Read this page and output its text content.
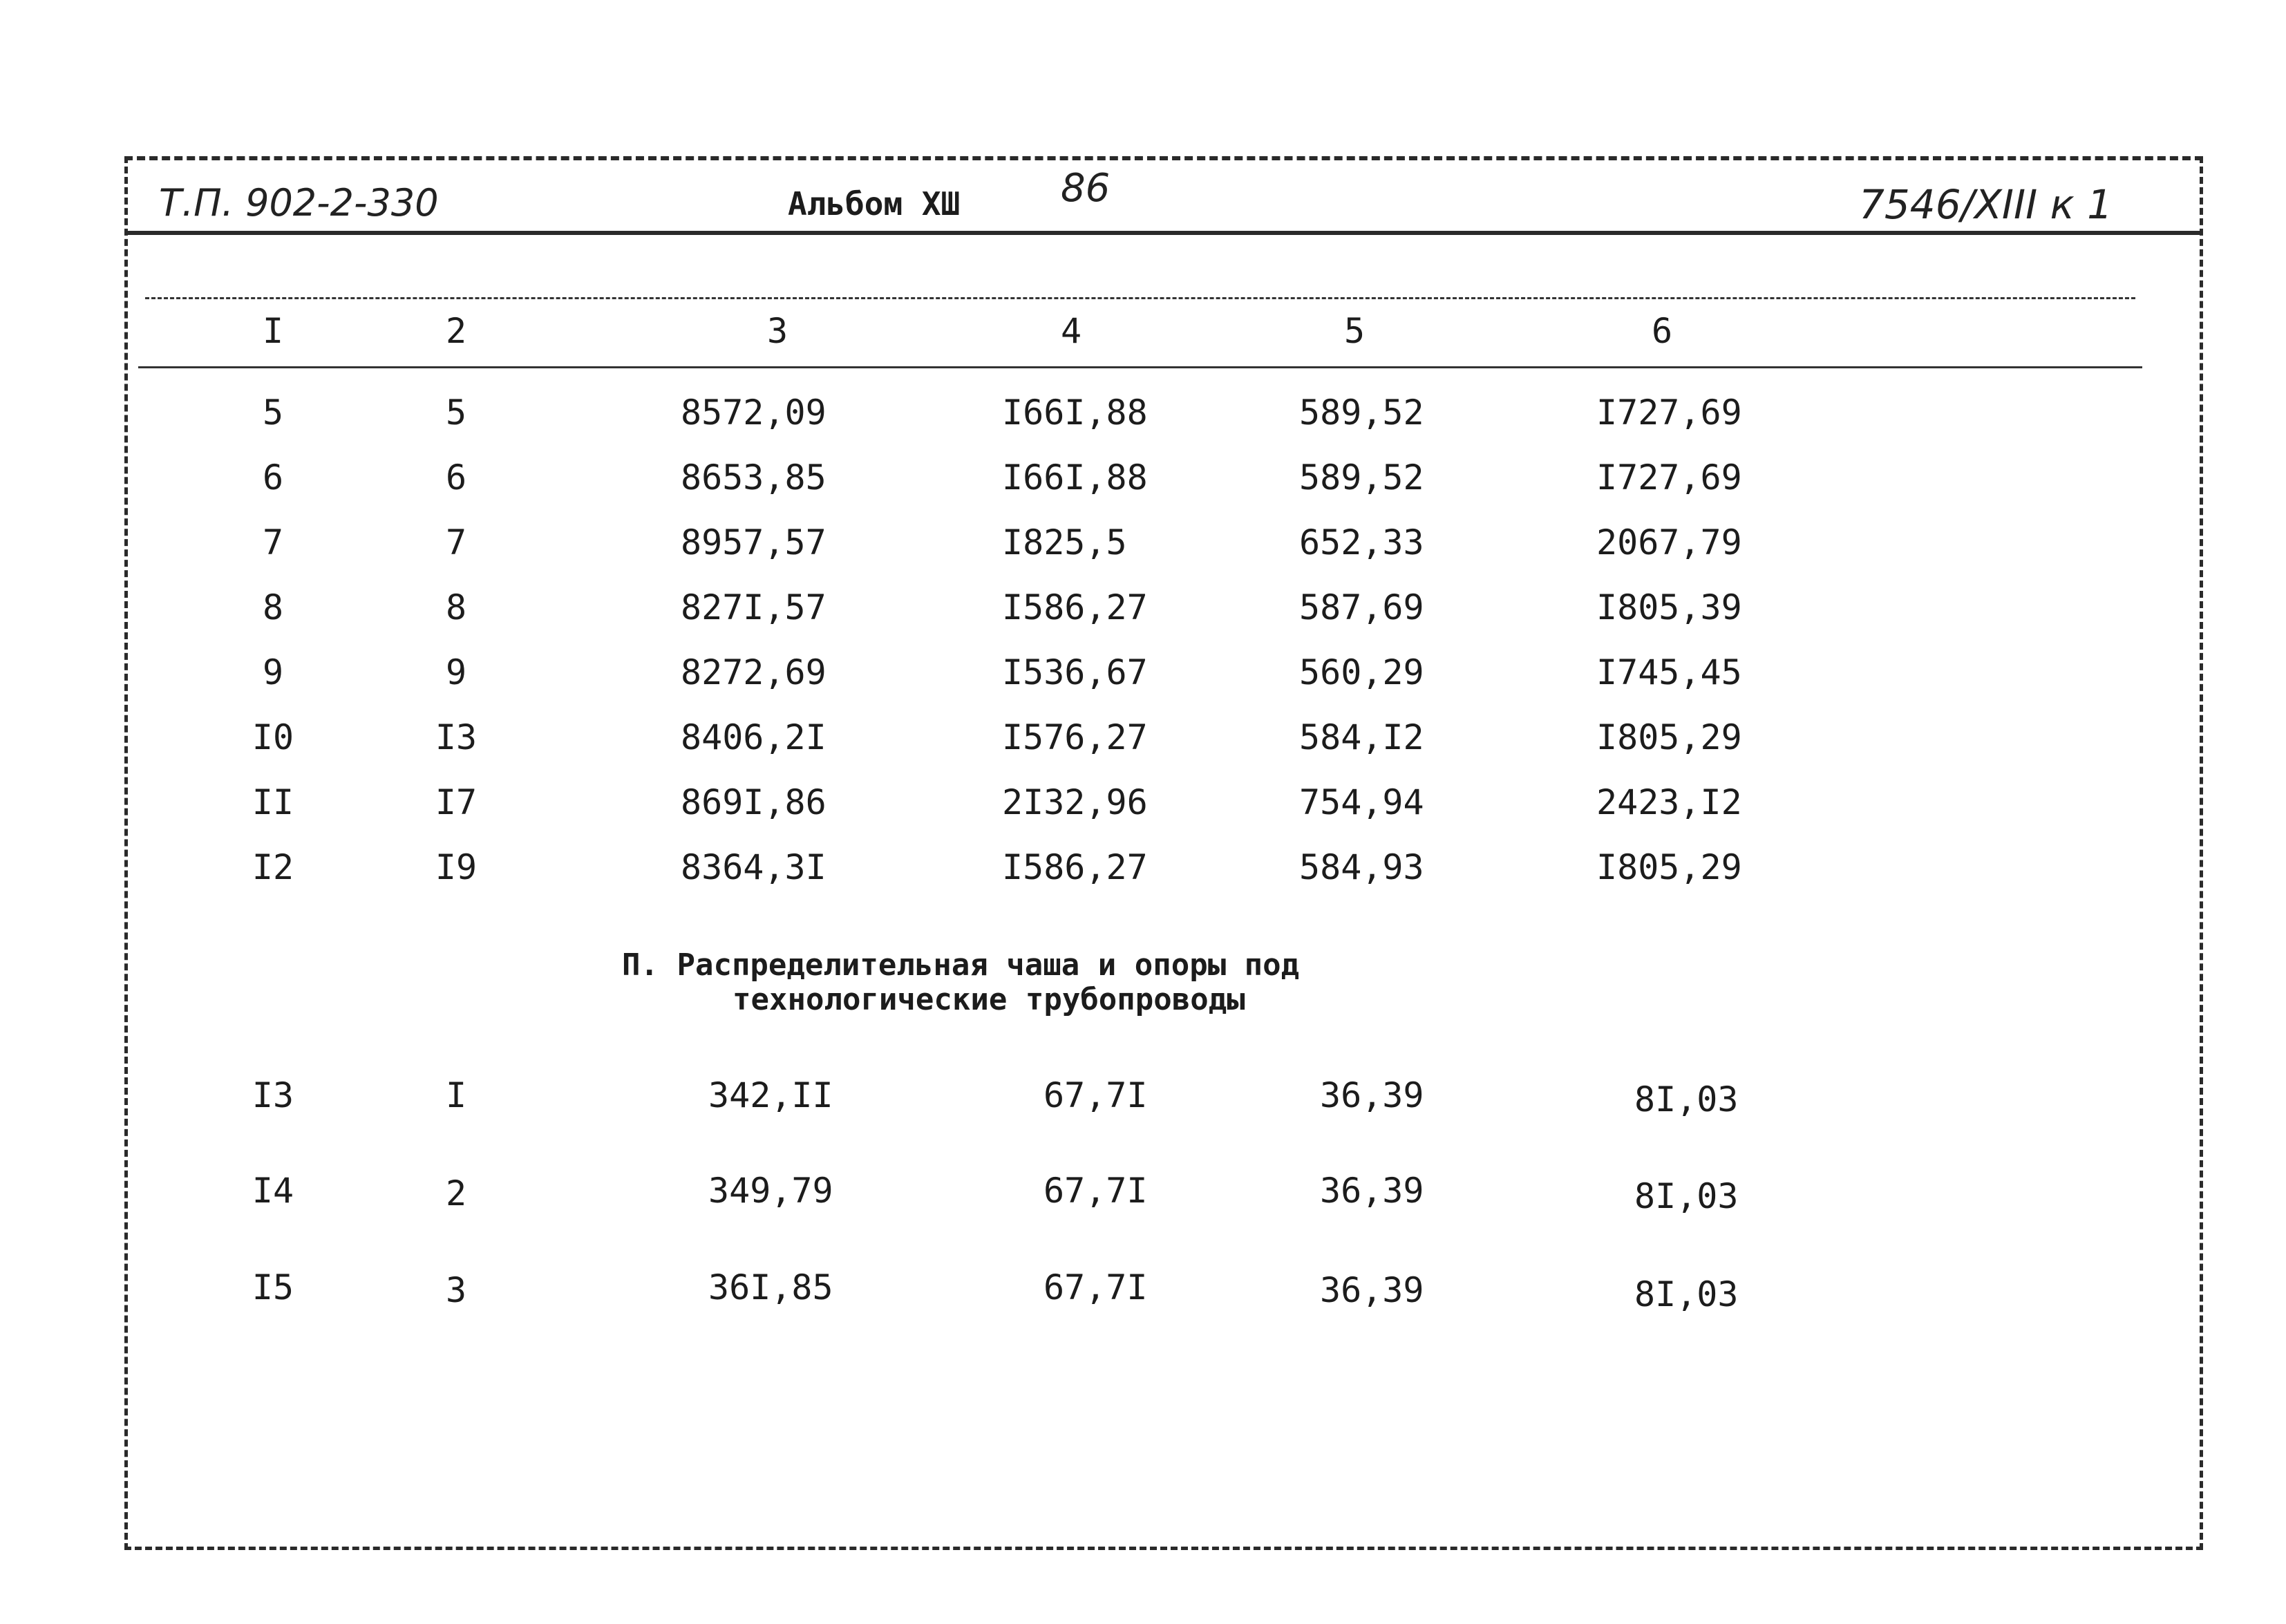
Т.П. 902-2-330	Альбом XШ	86	7546/XIII к 1
I	2	3	4	5	6
5	5	8572,09	I66I,88	589,52	I727,69
6	6	8653,85	I66I,88	589,52	I727,69
7	7	8957,57	I825,5	652,33	2067,79
8	8	827I,57	I586,27	587,69	I805,39
9	9	8272,69	I536,67	560,29	I745,45
I0	I3	8406,2I	I576,27	584,I2	I805,29
II	I7	869I,86	2I32,96	754,94	2423,I2
I2	I9	8364,3I	I586,27	584,93	I805,29
П. Распределительная чаша и опоры под
технологические трубопроводы
I3	I	342,II	67,7I	36,39	8I,03
I4	2	349,79	67,7I	36,39	8I,03
I5	3	36I,85	67,7I	36,39	8I,03
